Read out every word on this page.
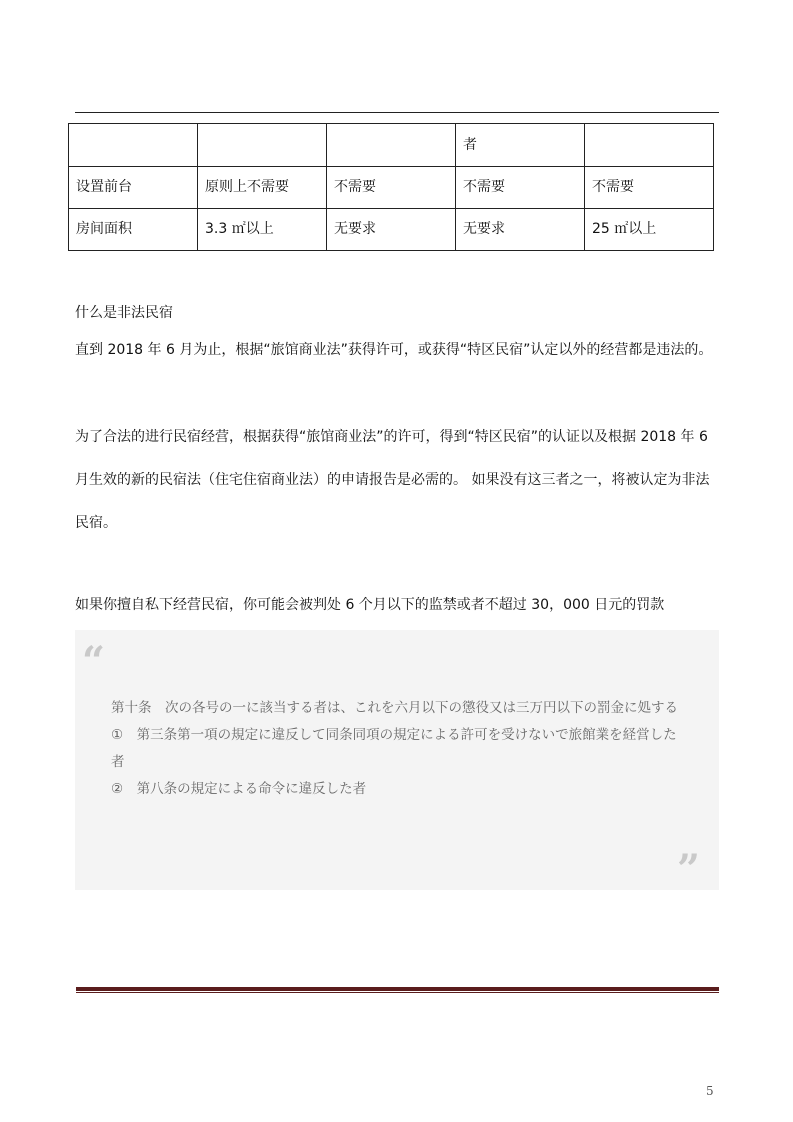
			者	
设置前台	原则上不需要	不需要	不需要	不需要
房间面积	3.3 ㎡以上	无要求	无要求	25 ㎡以上
什么是非法民宿
直到 2018 年 6 月为止，根据“旅馆商业法”获得许可，或获得“特区民宿”认定以外的经营都是违法的。
为了合法的进行民宿经营，根据获得“旅馆商业法”的许可，得到“特区民宿”的认证以及根据 2018 年 6 月生效的新的民宿法（住宅住宿商业法）的申请报告是必需的。 如果没有这三者之一，将被认定为非法民宿。
如果你擅自私下经营民宿，你可能会被判处 6 个月以下的监禁或者不超过 30，000 日元的罚款
“
第十条　次の各号の一に該当する者は、これを六月以下の懲役又は三万円以下の罰金に処する
①　第三条第一項の規定に違反して同条同項の規定による許可を受けないで旅館業を経営した者
②　第八条の規定による命令に違反した者
”
5
